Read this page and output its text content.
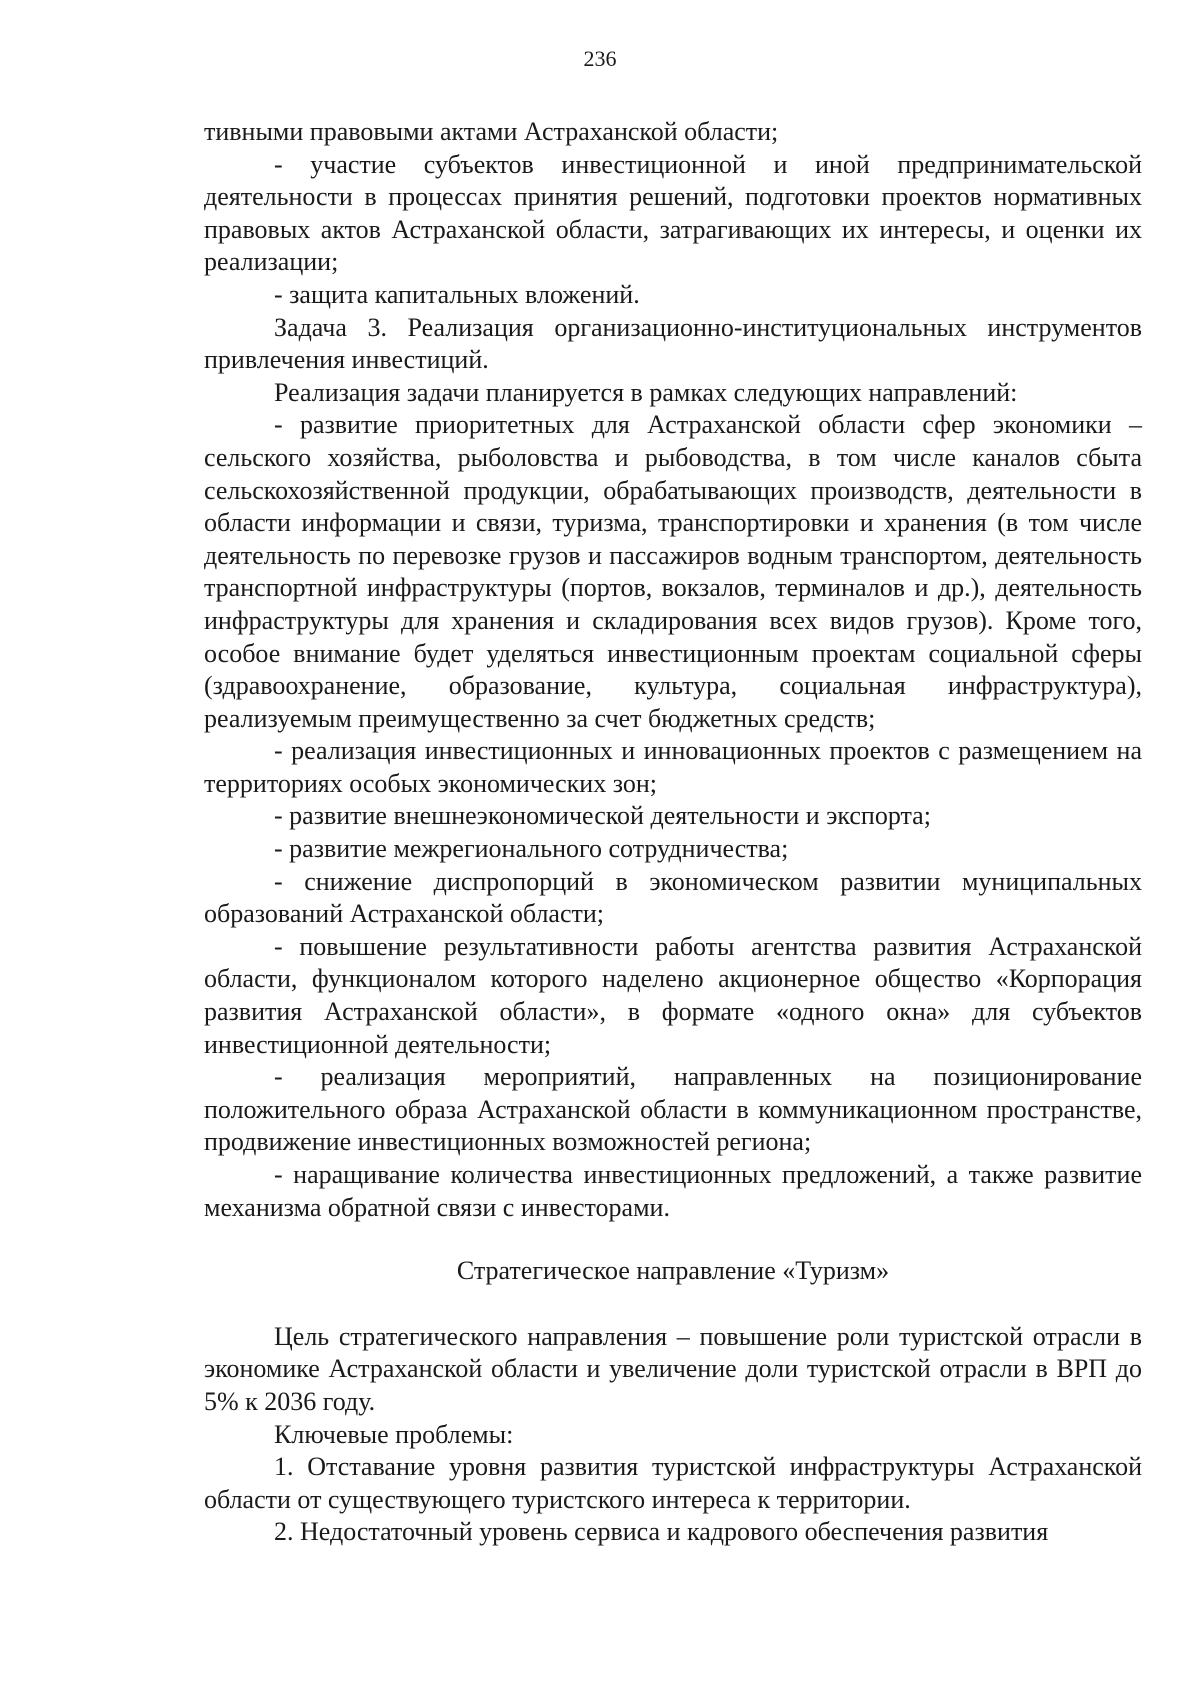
236

тивными правовыми актами Астраханской области;

- участие субъектов инвестиционной и иной предпринимательской деятельности в процессах принятия решений, подготовки проектов нормативных правовых актов Астраханской области, затрагивающих их интересы, и оценки их реализации;

- защита капитальных вложений.

Задача 3. Реализация организационно-институциональных инструментов привлечения инвестиций.

Реализация задачи планируется в рамках следующих направлений:

- развитие приоритетных для Астраханской области сфер экономики – сельского хозяйства, рыболовства и рыбоводства, в том числе каналов сбыта сельскохозяйственной продукции, обрабатывающих производств, деятельности в области информации и связи, туризма, транспортировки и хранения (в том числе деятельность по перевозке грузов и пассажиров водным транспортом, деятельность транспортной инфраструктуры (портов, вокзалов, терминалов и др.), деятельность инфраструктуры для хранения и складирования всех видов грузов). Кроме того, особое внимание будет уделяться инвестиционным проектам социальной сферы (здравоохранение, образование, культура, социальная инфраструктура), реализуемым преимущественно за счет бюджетных средств;

- реализация инвестиционных и инновационных проектов с размещением на территориях особых экономических зон;

- развитие внешнеэкономической деятельности и экспорта;

- развитие межрегионального сотрудничества;

- снижение диспропорций в экономическом развитии муниципальных образований Астраханской области;

- повышение результативности работы агентства развития Астраханской области, функционалом которого наделено акционерное общество «Корпорация развития Астраханской области», в формате «одного окна» для субъектов инвестиционной деятельности;

- реализация мероприятий, направленных на позиционирование положительного образа Астраханской области в коммуникационном пространстве, продвижение инвестиционных возможностей региона;

- наращивание количества инвестиционных предложений, а также развитие механизма обратной связи с инвесторами.

Стратегическое направление «Туризм»

Цель стратегического направления – повышение роли туристской отрасли в экономике Астраханской области и увеличение доли туристской отрасли в ВРП до 5% к 2036 году.

Ключевые проблемы:

1. Отставание уровня развития туристской инфраструктуры Астраханской области от существующего туристского интереса к территории.

2. Недостаточный уровень сервиса и кадрового обеспечения развития
